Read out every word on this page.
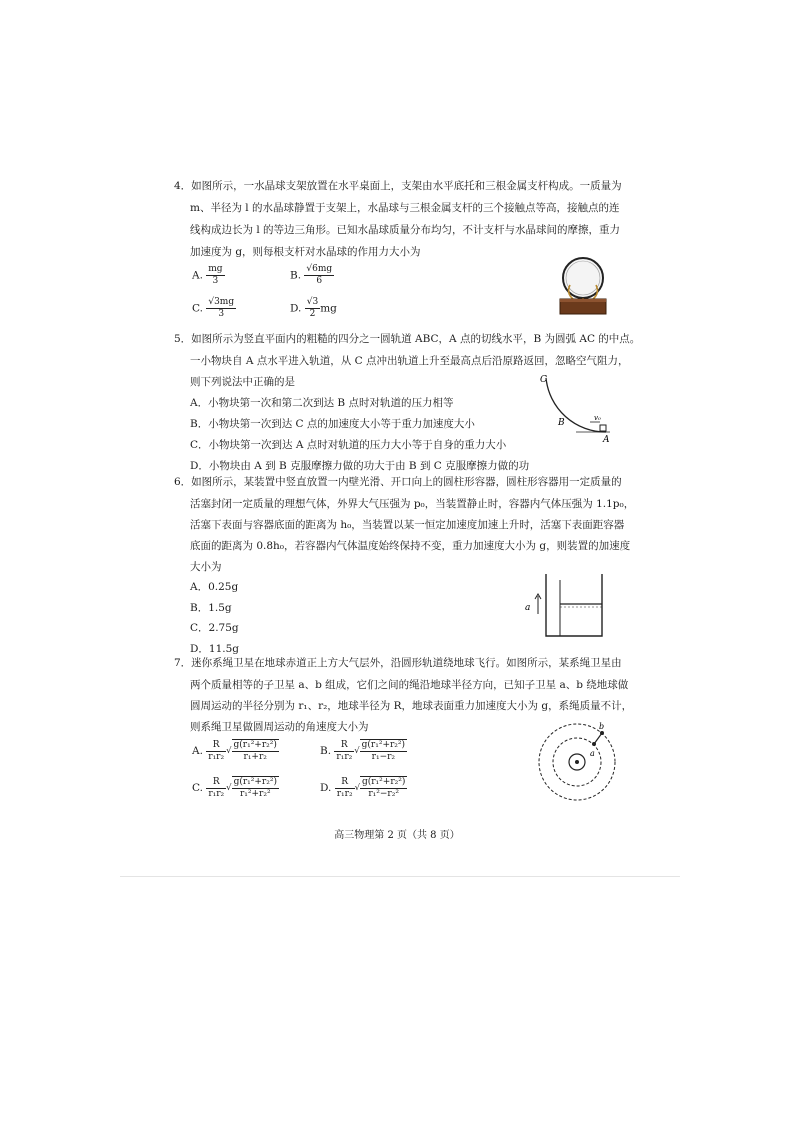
4．如图所示，一水晶球支架放置在水平桌面上，支架由水平底托和三根金属支杆构成。一质量为
m、半径为 l 的水晶球静置于支架上，水晶球与三根金属支杆的三个接触点等高，接触点的连
线构成边长为 l 的等边三角形。已知水晶球质量分布均匀，不计支杆与水晶球间的摩擦，重力
加速度为 g，则每根支杆对水晶球的作用力大小为
A. $\frac{mg}{3}$	B. $\frac{√6mg}{6}$
C. $\frac{√3mg}{3}$	D. $\frac{√3}{2}$ mg
5．如图所示为竖直平面内的粗糙的四分之一圆轨道 ABC，A 点的切线水平，B 为圆弧 AC 的中点。
一小物块自 A 点水平进入轨道，从 C 点冲出轨道上升至最高点后沿原路返回，忽略空气阻力，
则下列说法中正确的是
A．小物块第一次和第二次到达 B 点时对轨道的压力相等
B．小物块第一次到达 C 点的加速度大小等于重力加速度大小
C．小物块第一次到达 A 点时对轨道的压力大小等于自身的重力大小
D．小物块由 A 到 B 克服摩擦力做的功大于由 B 到 C 克服摩擦力做的功
C
B
A
v₀
6．如图所示，某装置中竖直放置一内壁光滑、开口向上的圆柱形容器，圆柱形容器用一定质量的
活塞封闭一定质量的理想气体，外界大气压强为 p₀，当装置静止时，容器内气体压强为 1.1p₀，
活塞下表面与容器底面的距离为 h₀，当装置以某一恒定加速度加速上升时，活塞下表面距容器
底面的距离为 0.8h₀，若容器内气体温度始终保持不变，重力加速度大小为 g，则装置的加速度
大小为
A．0.25g
B．1.5g
C．2.75g
D．11.5g
a
7．迷你系绳卫星在地球赤道正上方大气层外，沿圆形轨道绕地球飞行。如图所示，某系绳卫星由
两个质量相等的子卫星 a、b 组成，它们之间的绳沿地球半径方向，已知子卫星 a、b 绕地球做
圆周运动的半径分别为 r₁、r₂，地球半径为 R，地球表面重力加速度大小为 g，系绳质量不计，
则系绳卫星做圆周运动的角速度大小为
A. $\frac{R}{\text{r₁r₂}}$ √ $\frac{\text{g(r₁²+r₂²)}}{\text{r₁+r₂}}$	B. $\frac{R}{\text{r₁r₂}}$ √ $\frac{\text{g(r₁²+r₂²)}}{\text{r₁−r₂}}$
C. $\frac{R}{\text{r₁r₂}}$ √ $\frac{\text{g(r₁²+r₂²)}}{\text{r₁²+r₂²}}$	D. $\frac{R}{\text{r₁r₂}}$ √ $\frac{\text{g(r₁²+r₂²)}}{\text{r₁²−r₂²}}$
a
b
高三物理第 2 页（共 8 页）
